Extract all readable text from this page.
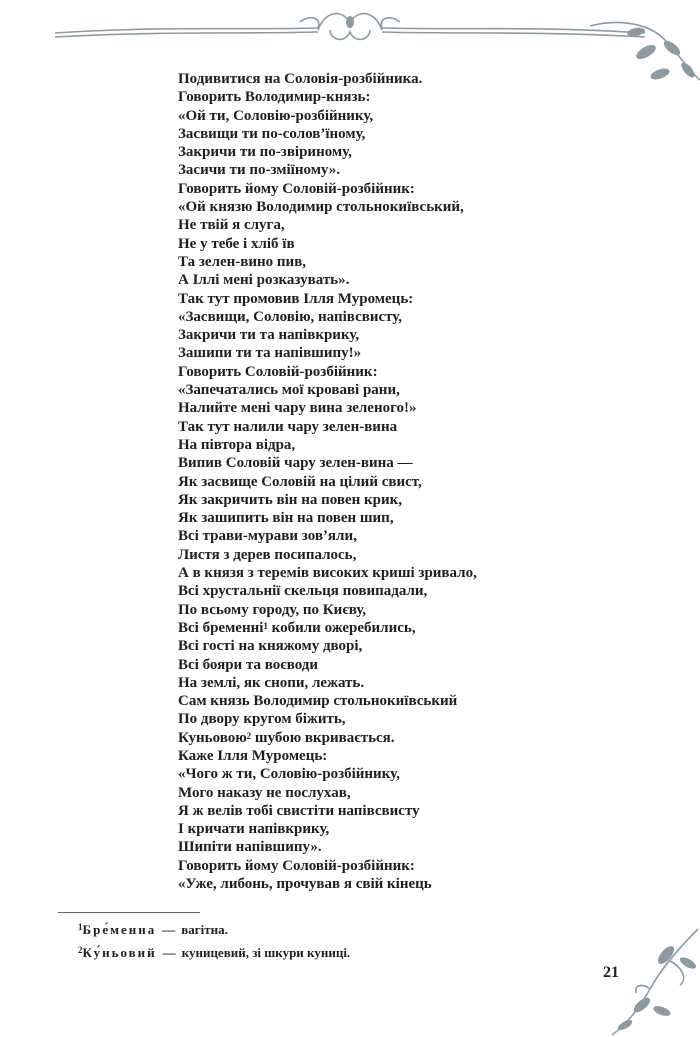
Подивитися на Соловія-розбійника.
Говорить Володимир-князь:
«Ой ти, Соловію-розбійнику,
Засвищи ти по-солов’їному,
Закричи ти по-звіриному,
Засичи ти по-зміїному».
Говорить йому Соловій-розбійник:
«Ой князю Володимир стольнокиївський,
Не твій я слуга,
Не у тебе і хліб їв
Та зелен-вино пив,
А Іллі мені розказувать».
Так тут промовив Ілля Муромець:
«Засвищи, Соловію, напівсвисту,
Закричи ти та напівкрику,
Зашипи ти та напівшипу!»
Говорить Соловій-розбійник:
«Запечатались мої кроваві рани,
Налийте мені чару вина зеленого!»
Так тут налили чару зелен-вина
На півтора відра,
Випив Соловій чару зелен-вина —
Як засвище Соловій на цілий свист,
Як закричить він на повен крик,
Як зашипить він на повен шип,
Всі трави-мурави зов’яли,
Листя з дерев посипалось,
А в князя з теремів високих криші зривало,
Всі хрустальнії скельця повипадали,
По всьому городу, по Києву,
Всі бременні$^1$ кобили ожеребились,
Всі гості на княжому дворі,
Всі бояри та воєводи
На землі, як снопи, лежать.
Сам князь Володимир стольнокиївський
По двору кругом біжить,
Куньовою$^2$ шубою вкривається.
Каже Ілля Муромець:
«Чого ж ти, Соловію-розбійнику,
Мого наказу не послухав,
Я ж велів тобі свистіти напівсвисту
І кричати напівкрику,
Шипіти напівшипу».
Говорить йому Соловій-розбійник:
«Уже, либонь, прочував я свій кінець
$^1$Бре́менна — вагітна.
$^2$Ку́ньовий — куницевий, зі шкури куниці.
21
